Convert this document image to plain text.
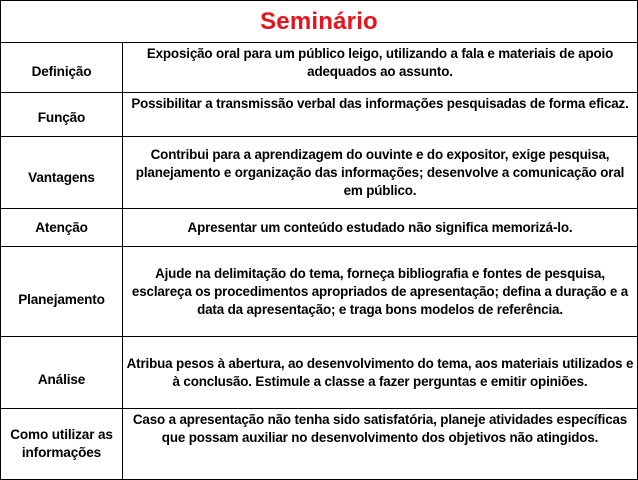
Seminário
Definição	Exposição oral para um público leigo, utilizando a fala e materiais de apoio adequados ao assunto.
Função	Possibilitar a transmissão verbal das informações pesquisadas de forma eficaz.
Vantagens	Contribui para a aprendizagem do ouvinte e do expositor, exige pesquisa, planejamento e organização das informações; desenvolve a comunicação oral em público.
Atenção	Apresentar um conteúdo estudado não significa memorizá-lo.
Planejamento	Ajude na delimitação do tema, forneça bibliografia e fontes de pesquisa, esclareça os procedimentos apropriados de apresentação; defina a duração e a data da apresentação; e traga bons modelos de referência.
Análise	Atribua pesos à abertura, ao desenvolvimento do tema, aos materiais utilizados e à conclusão. Estimule a classe a fazer perguntas e emitir opiniões.
Como utilizar as informações	Caso a apresentação não tenha sido satisfatória, planeje atividades específicas que possam auxiliar no desenvolvimento dos objetivos não atingidos.
